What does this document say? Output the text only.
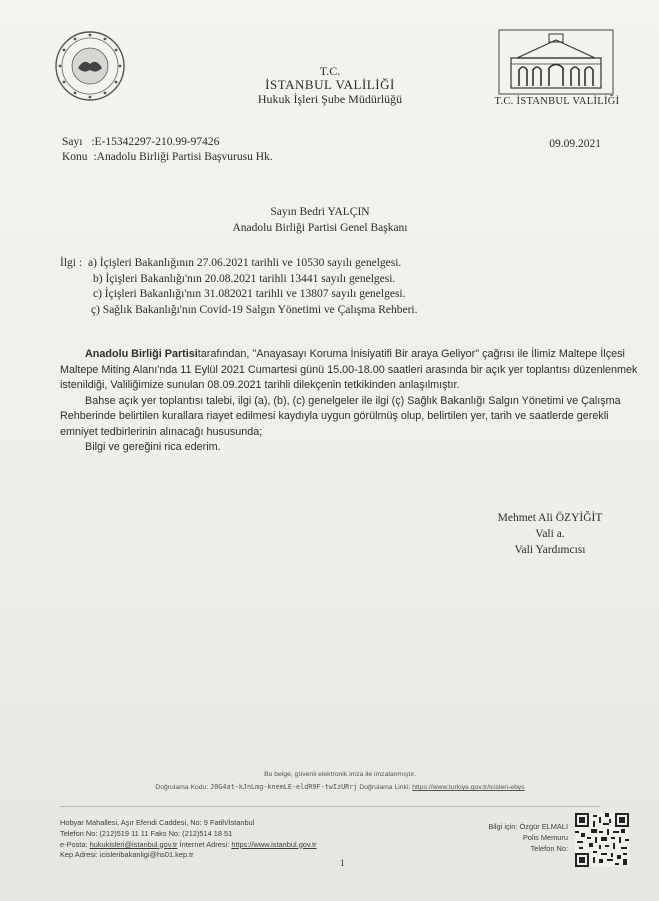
T.C.
İSTANBUL VALİLİĞİ
Hukuk İşleri Şube Müdürlüğü	T.C. İSTANBUL VALİLİĞİ
Sayı :E-15342297-210.99-97426
Konu :Anadolu Birliği Partisi Başvurusu Hk.
09.09.2021
Sayın Bedri YALÇIN
Anadolu Birliği Partisi Genel Başkanı
İlgi : a) İçişleri Bakanlığının 27.06.2021 tarihli ve 10530 sayılı genelgesi.
b) İçişleri Bakanlığı'nın 20.08.2021 tarihli 13441 sayılı genelgesi.
c) İçişleri Bakanlığı'nın 31.082021 tarihli ve 13807 sayılı genelgesi.
ç) Sağlık Bakanlığı'nın Covid-19 Salgın Yönetimi ve Çalışma Rehberi.

Anadolu Birliği Partisitarafından, "Anayasayı Koruma İnisiyatifi Bir araya Geliyor" çağrısı ile İlimiz Maltepe İlçesi Maltepe Miting Alanı'nda 11 Eylül 2021 Cumartesi günü 15.00-18.00 saatleri arasında bir açık yer toplantısı düzenlenmek istenildiği, Valiliğimize sunulan 08.09.2021 tarihli dilekçenin tetkikinden anlaşılmıştır.

Bahse açık yer toplantısı talebi, ilgi (a), (b), (c) genelgeler ile ilgi (ç) Sağlık Bakanlığı Salgın Yönetimi ve Çalışma Rehberinde belirtilen kurallara riayet edilmesi kaydıyla uygun görülmüş olup, belirtilen yer, tarih ve saatlerde gerekli emniyet tedbirlerinin alınacağı hususunda;

Bilgi ve gereğini rica ederim.

Mehmet Ali ÖZYİĞİT
Vali a.
Vali Yardımcısı
Bu belge, güvenli elektronik imza ile imzalanmıştır.
Doğrulama Kodu: J0G4at-kJnLmg-knemLE-eldR9F-twIzURrj Doğrulama Linki: https://www.turkiye.gov.tr/icisleri-ebys
Hobyar Mahallesi, Aşır Efendi Caddesi, No: 9 Fatih/İstanbul
Telefon No: (212)519 11 11 Faks No: (212)514 18 51
e-Posta: hukukisleri@istanbul.gov.tr İnternet Adresi: https://www.istanbul.gov.tr
Kep Adresi: icisleribakanligi@hs01.kep.tr
Bilgi için: Özgür ELMALI
Polis Memuru
Telefon No:
1
